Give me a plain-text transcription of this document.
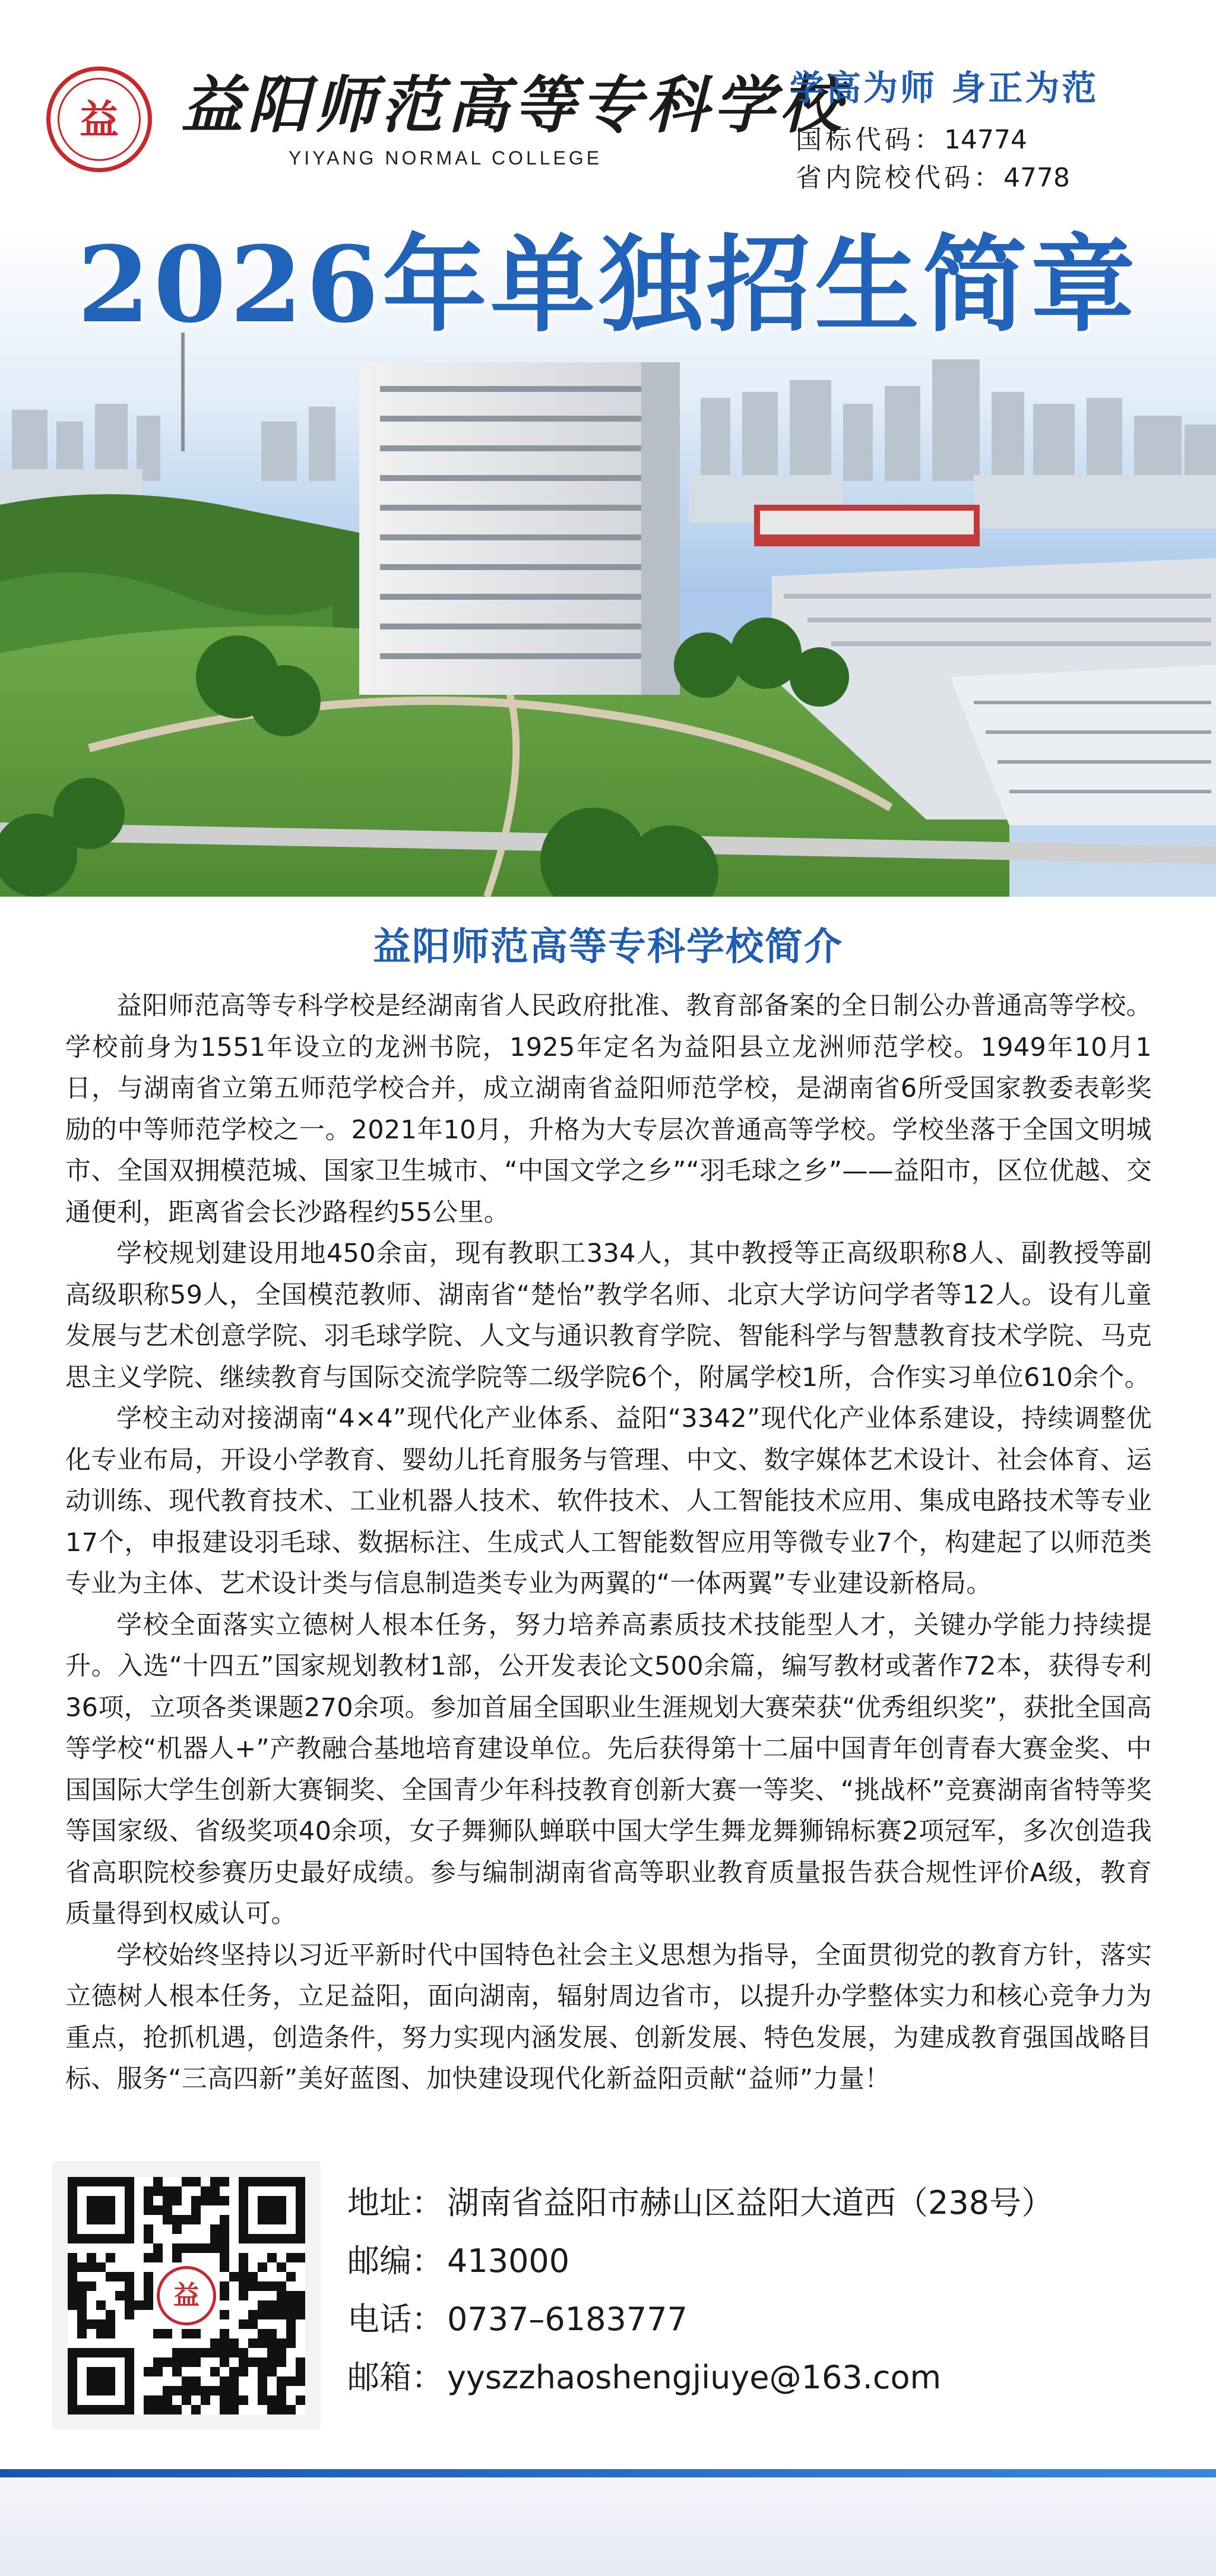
益 益阳师范高等专科学校
YIYANG NORMAL COLLEGE
学高为师 身正为范
国标代码：14774
省内院校代码：4778
2026年单独招生简章
益阳师范高等专科学校简介

益阳师范高等专科学校是经湖南省人民政府批准、教育部备案的全日制公办普通高等学校。学校前身为1551年设立的龙洲书院，1925年定名为益阳县立龙洲师范学校。1949年10月1日，与湖南省立第五师范学校合并，成立湖南省益阳师范学校，是湖南省6所受国家教委表彰奖励的中等师范学校之一。2021年10月，升格为大专层次普通高等学校。学校坐落于全国文明城市、全国双拥模范城、国家卫生城市、“中国文学之乡”“羽毛球之乡”——益阳市，区位优越、交通便利，距离省会长沙路程约55公里。

学校规划建设用地450余亩，现有教职工334人，其中教授等正高级职称8人、副教授等副高级职称59人，全国模范教师、湖南省“楚怡”教学名师、北京大学访问学者等12人。设有儿童发展与艺术创意学院、羽毛球学院、人文与通识教育学院、智能科学与智慧教育技术学院、马克思主义学院、继续教育与国际交流学院等二级学院6个，附属学校1所，合作实习单位610余个。

学校主动对接湖南“4×4”现代化产业体系、益阳“3342”现代化产业体系建设，持续调整优化专业布局，开设小学教育、婴幼儿托育服务与管理、中文、数字媒体艺术设计、社会体育、运动训练、现代教育技术、工业机器人技术、软件技术、人工智能技术应用、集成电路技术等专业17个，申报建设羽毛球、数据标注、生成式人工智能数智应用等微专业7个，构建起了以师范类专业为主体、艺术设计类与信息制造类专业为两翼的“一体两翼”专业建设新格局。

学校全面落实立德树人根本任务，努力培养高素质技术技能型人才，关键办学能力持续提升。入选“十四五”国家规划教材1部，公开发表论文500余篇，编写教材或著作72本，获得专利36项，立项各类课题270余项。参加首届全国职业生涯规划大赛荣获“优秀组织奖”，获批全国高等学校“机器人+”产教融合基地培育建设单位。先后获得第十二届中国青年创青春大赛金奖、中国国际大学生创新大赛铜奖、全国青少年科技教育创新大赛一等奖、“挑战杯”竞赛湖南省特等奖等国家级、省级奖项40余项，女子舞狮队蝉联中国大学生舞龙舞狮锦标赛2项冠军，多次创造我省高职院校参赛历史最好成绩。参与编制湖南省高等职业教育质量报告获合规性评价A级，教育质量得到权威认可。

学校始终坚持以习近平新时代中国特色社会主义思想为指导，全面贯彻党的教育方针，落实立德树人根本任务，立足益阳，面向湖南，辐射周边省市，以提升办学整体实力和核心竞争力为重点，抢抓机遇，创造条件，努力实现内涵发展、创新发展、特色发展，为建成教育强国战略目标、服务“三高四新”美好蓝图、加快建设现代化新益阳贡献“益师”力量！

益
地址： 湖南省益阳市赫山区益阳大道西（238号）
邮编： 413000
电话： 0737–6183777
邮箱： yyszzhaoshengjiuye@163.com
